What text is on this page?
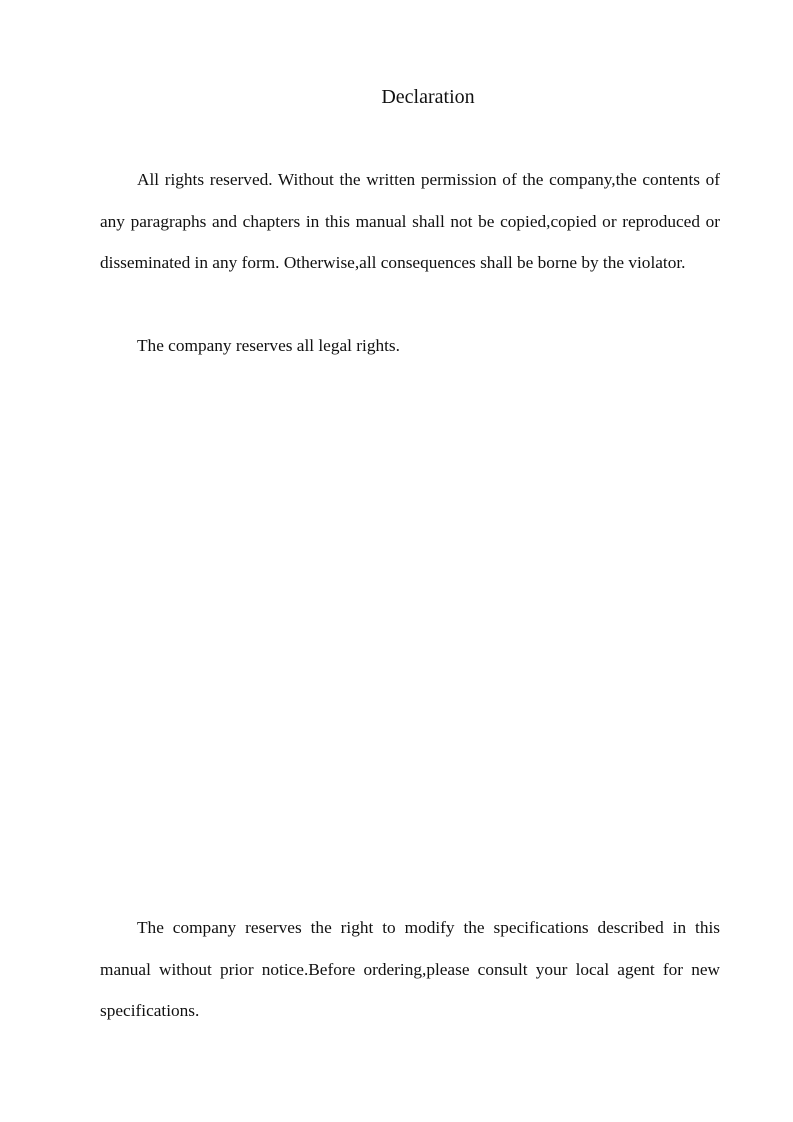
Declaration

All rights reserved. Without the written permission of the company,the contents of any paragraphs and chapters in this manual shall not be copied,copied or reproduced or disseminated in any form. Otherwise,all consequences shall be borne by the violator.

The company reserves all legal rights.

The company reserves the right to modify the specifications described in this manual without prior notice.Before ordering,please consult your local agent for new specifications.
